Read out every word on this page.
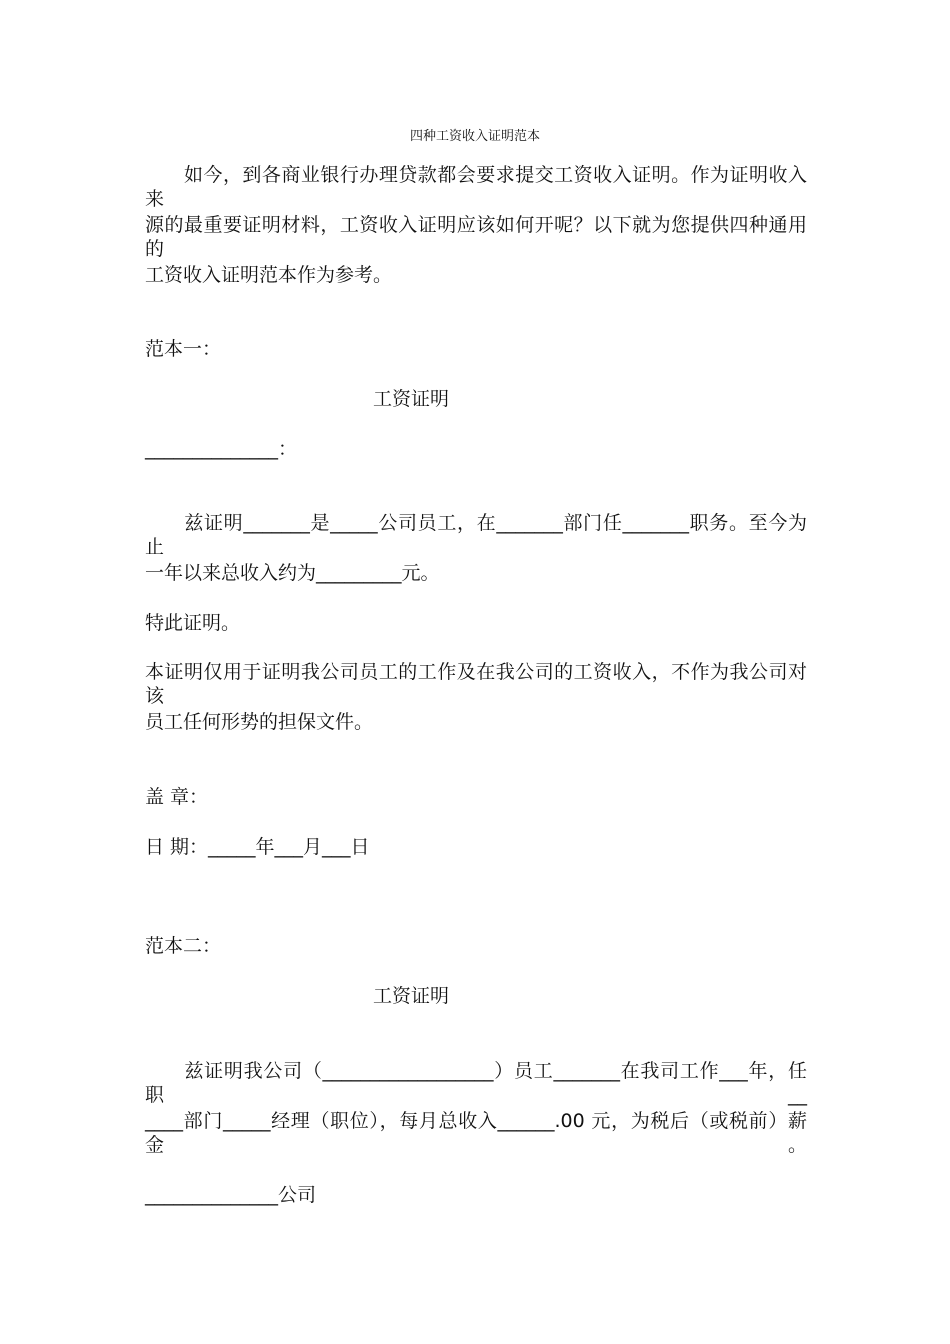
四种工资收入证明范本
　　如今，到各商业银行办理贷款都会要求提交工资收入证明。作为证明收入来
源的最重要证明材料，工资收入证明应该如何开呢？以下就为您提供四种通用的
工资收入证明范本作为参考。
范本一：
工资证明
______________：
　　兹证明_______是_____公司员工，在_______部门任_______职务。至今为止
一年以来总收入约为_________元。
特此证明。
本证明仅用于证明我公司员工的工作及在我公司的工资收入，不作为我公司对该
员工任何形势的担保文件。
盖 章：
日 期：_____年___月___日
范本二：
工资证明
　　兹证明我公司（__________________）员工_______在我司工作___年，任职__
____部门_____经理（职位），每月总收入______.00 元，为税后（或税前）薪金。
______________公司
